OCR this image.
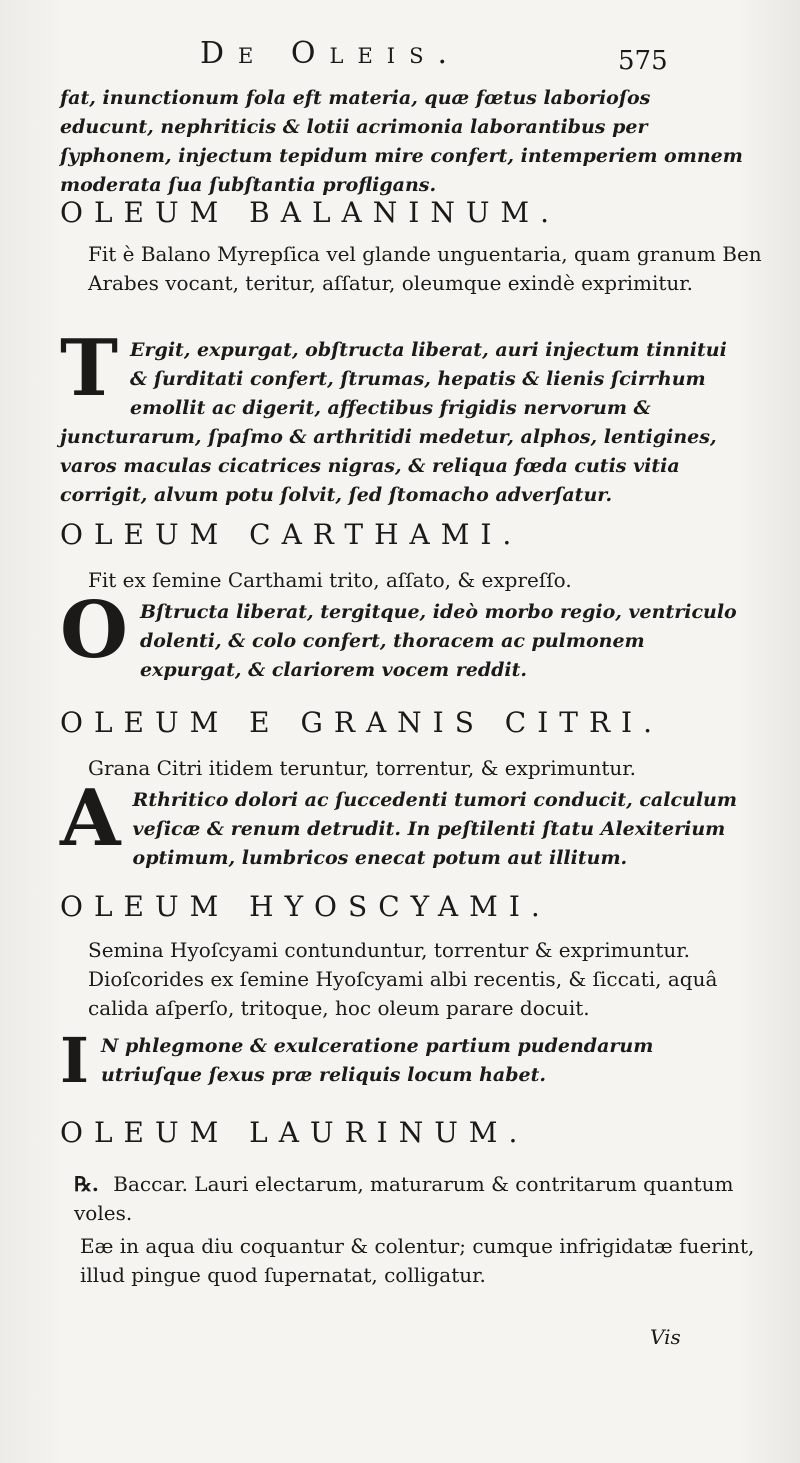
De Oleis.	575
fat, inunctionum fola eft materia, quæ fœtus laborioſos educunt, nephriticis & lotii acrimonia laborantibus per ſyphonem, injectum tepidum mire confert, intemperiem omnem moderata ſua ſubſtantia profligans.
OLEUM BALANINUM.
Fit è Balano Myrepſica vel glande unguentaria, quam granum Ben Arabes vocant, teritur, aſſatur, oleumque exindè exprimitur.
T Ergit, expurgat, obſtructa liberat, auri injectum tinnitui & ſurditati confert, ſtrumas, hepatis & lienis ſcirrhum emollit ac digerit, affectibus frigidis nervorum & juncturarum, ſpaſmo & arthritidi medetur, alphos, lentigines, varos maculas cicatrices nigras, & reliqua fœda cutis vitia corrigit, alvum potu ſolvit, ſed ſtomacho adverſatur.
OLEUM CARTHAMI.
Fit ex ſemine Carthami trito, aſſato, & expreſſo.
O Bſtructa liberat, tergitque, ideò morbo regio, ventriculo dolenti, & colo confert, thoracem ac pulmonem expurgat, & clariorem vocem reddit.
OLEUM E GRANIS CITRI.
Grana Citri itidem teruntur, torrentur, & exprimuntur.
A Rthritico dolori ac ſuccedenti tumori conducit, calculum veſicæ & renum detrudit. In peſtilenti ſtatu Alexiterium optimum, lumbricos enecat potum aut illitum.
OLEUM HYOSCYAMI.
Semina Hyoſcyami contunduntur, torrentur & exprimuntur. Dioſcorides ex ſemine Hyoſcyami albi recentis, & ſiccati, aquâ calida aſperſo, tritoque, hoc oleum parare docuit.
I N phlegmone & exulceratione partium pudendarum utriuſque ſexus præ reliquis locum habet.
OLEUM LAURINUM.
℞. Baccar. Lauri electarum, maturarum & contritarum quantum voles.
Eæ in aqua diu coquantur & colentur; cumque infrigidatæ fuerint, illud pingue quod ſupernatat, colligatur.
Vis
